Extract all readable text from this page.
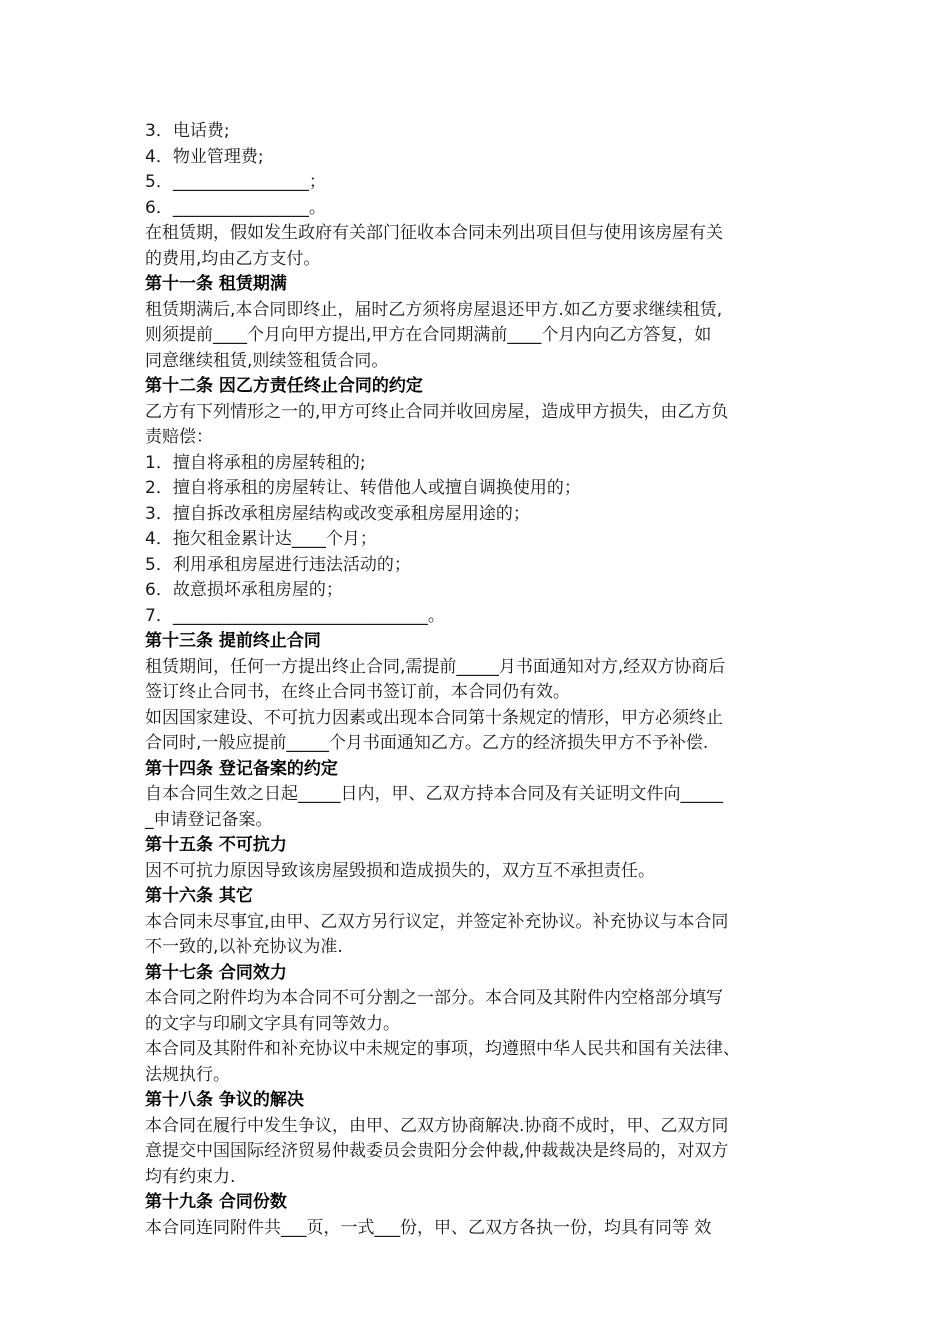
3．电话费;
4．物业管理费;
5．________________；
6．________________。
在租赁期，假如发生政府有关部门征收本合同未列出项目但与使用该房屋有关
的费用,均由乙方支付。
第十一条 租赁期满
租赁期满后,本合同即终止，届时乙方须将房屋退还甲方.如乙方要求继续租赁,
则须提前____个月向甲方提出,甲方在合同期满前____个月内向乙方答复，如
同意继续租赁,则续签租赁合同。
第十二条 因乙方责任终止合同的约定
乙方有下列情形之一的,甲方可终止合同并收回房屋，造成甲方损失，由乙方负
责赔偿：
1．擅自将承租的房屋转租的;
2．擅自将承租的房屋转让、转借他人或擅自调换使用的；
3．擅自拆改承租房屋结构或改变承租房屋用途的；
4．拖欠租金累计达____个月；
5．利用承租房屋进行违法活动的；
6．故意损坏承租房屋的；
7．______________________________。
第十三条 提前终止合同
租赁期间，任何一方提出终止合同,需提前_____月书面通知对方,经双方协商后
签订终止合同书，在终止合同书签订前，本合同仍有效。
如因国家建设、不可抗力因素或出现本合同第十条规定的情形，甲方必须终止
合同时,一般应提前_____个月书面通知乙方。乙方的经济损失甲方不予补偿.
第十四条 登记备案的约定
自本合同生效之日起_____日内，甲、乙双方持本合同及有关证明文件向_____
_申请登记备案。
第十五条 不可抗力
因不可抗力原因导致该房屋毁损和造成损失的，双方互不承担责任。
第十六条 其它
本合同未尽事宜,由甲、乙双方另行议定，并签定补充协议。补充协议与本合同
不一致的,以补充协议为准.
第十七条 合同效力
本合同之附件均为本合同不可分割之一部分。本合同及其附件内空格部分填写
的文字与印刷文字具有同等效力。
本合同及其附件和补充协议中未规定的事项，均遵照中华人民共和国有关法律、
法规执行。
第十八条 争议的解决
本合同在履行中发生争议，由甲、乙双方协商解决.协商不成时，甲、乙双方同
意提交中国国际经济贸易仲裁委员会贵阳分会仲裁,仲裁裁决是终局的，对双方
均有约束力.
第十九条 合同份数
本合同连同附件共___页，一式___份，甲、乙双方各执一份，均具有同等 效
